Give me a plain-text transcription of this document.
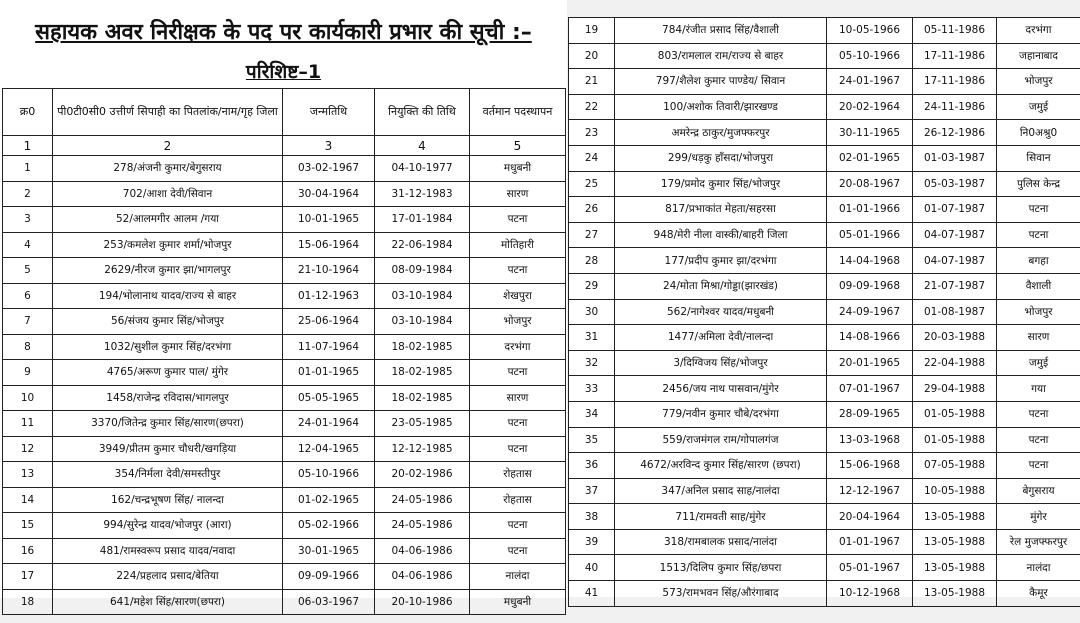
सहायक अवर निरीक्षक के पद पर कार्यकारी प्रभार की सूची :–
परिशिष्ट–1
क्र0	पी0टी0सी0 उत्तीर्ण सिपाही का पितलांक/नाम/गृह जिला	जन्मतिथि	नियुक्ति की तिथि	वर्तमान पदस्थापन
1	2	3	4	5
1	278/अंजनी कुमार/बेगुसराय	03-02-1967	04-10-1977	मधुबनी
2	702/आशा देवी/सिवान	30-04-1964	31-12-1983	सारण
3	52/आलमगीर आलम /गया	10-01-1965	17-01-1984	पटना
4	253/कमलेश कुमार शर्मा/भोजपुर	15-06-1964	22-06-1984	मोतिहारी
5	2629/नीरज कुमार झा/भागलपुर	21-10-1964	08-09-1984	पटना
6	194/भोलानाथ यादव/राज्य से बाहर	01-12-1963	03-10-1984	शेखपुरा
7	56/संजय कुमार सिंह/भोजपुर	25-06-1964	03-10-1984	भोजपुर
8	1032/सुशील कुमार सिंह/दरभंगा	11-07-1964	18-02-1985	दरभंगा
9	4765/अरूण कुमार पाल/ मुंगेर	01-01-1965	18-02-1985	पटना
10	1458/राजेन्द्र रविदास/भागलपुर	05-05-1965	18-02-1985	सारण
11	3370/जितेन्द्र कुमार सिंह/सारण(छपरा)	24-01-1964	23-05-1985	पटना
12	3949/प्रीतम कुमार चौधरी/खगड़िया	12-04-1965	12-12-1985	पटना
13	354/निर्मला देवी/समस्तीपुर	05-10-1966	20-02-1986	रोहतास
14	162/चन्द्रभूषण सिंह/ नालन्दा	01-02-1965	24-05-1986	रोहतास
15	994/सुरेन्द्र यादव/भोजपुर (आरा)	05-02-1966	24-05-1986	पटना
16	481/रामस्वरूप प्रसाद यादव/नवादा	30-01-1965	04-06-1986	पटना
17	224/प्रहलाद प्रसाद/बेतिया	09-09-1966	04-06-1986	नालंदा
18	641/महेश सिंह/सारण(छपरा)	06-03-1967	20-10-1986	मधुबनी
19	784/रंजीत प्रसाद सिंह/वैशाली	10-05-1966	05-11-1986	दरभंगा
20	803/रामलाल राम/राज्य से बाहर	05-10-1966	17-11-1986	जहानाबाद
21	797/शैलेश कुमार पाण्डेय/ सिवान	24-01-1967	17-11-1986	भोजपुर
22	100/अशोक तिवारी/झारखण्ड	20-02-1964	24-11-1986	जमुई
23	अमरेन्द्र ठाकुर/मुजफ्फरपुर	30-11-1965	26-12-1986	नि0अश्रु0
24	299/धड़कु हाँसदा/भोजपुरा	02-01-1965	01-03-1987	सिवान
25	179/प्रमोद कुमार सिंह/भोजपुर	20-08-1967	05-03-1987	पुलिस केन्द्र
26	817/प्रभाकांत मेहता/सहरसा	01-01-1966	01-07-1987	पटना
27	948/मेरी नीला वास्की/बाहरी जिला	05-01-1966	04-07-1987	पटना
28	177/प्रदीप कुमार झा/दरभंगा	14-04-1968	04-07-1987	बगहा
29	24/मोता मिश्रा/गोड्डा(झारखंड)	09-09-1968	21-07-1987	वैशाली
30	562/नागेश्वर यादव/मधुबनी	24-09-1967	01-08-1987	भोजपुर
31	1477/अमिला देवी/नालन्दा	14-08-1966	20-03-1988	सारण
32	3/दिग्विजय सिंह/भोजपुर	20-01-1965	22-04-1988	जमुई
33	2456/जय नाथ पासवान/मुंगेर	07-01-1967	29-04-1988	गया
34	779/नवीन कुमार चौबे/दरभंगा	28-09-1965	01-05-1988	पटना
35	559/राजमंगल राम/गोपालगंज	13-03-1968	01-05-1988	पटना
36	4672/अरविन्द कुमार सिंह/सारण (छपरा)	15-06-1968	07-05-1988	पटना
37	347/अनिल प्रसाद साह/नालंदा	12-12-1967	10-05-1988	बेगुसराय
38	711/रामवती साह/मुंगेर	20-04-1964	13-05-1988	मुंगेर
39	318/रामबालक प्रसाद/नालंदा	01-01-1967	13-05-1988	रेल मुजफ्फरपुर
40	1513/दिलिप कुमार सिंह/छपरा	05-01-1967	13-05-1988	नालंदा
41	573/रामभवन सिंह/औरंगाबाद	10-12-1968	13-05-1988	कैमूर
